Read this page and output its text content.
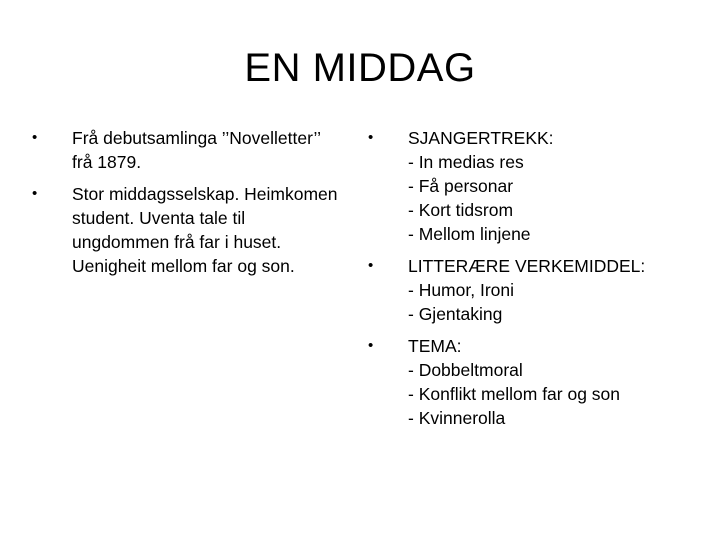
EN MIDDAG
•	Frå debutsamlinga ’’Novelletter’’
frå 1879.
•	Stor middagsselskap. Heimkomen
student. Uventa tale til
ungdommen frå far i huset.
Uenigheit mellom far og son.
•	SJANGERTREKK:
- In medias res
- Få personar
- Kort tidsrom
- Mellom linjene
•	LITTERÆRE VERKEMIDDEL:
- Humor, Ironi
- Gjentaking
•	TEMA:
- Dobbeltmoral
- Konflikt mellom far og son
- Kvinnerolla
